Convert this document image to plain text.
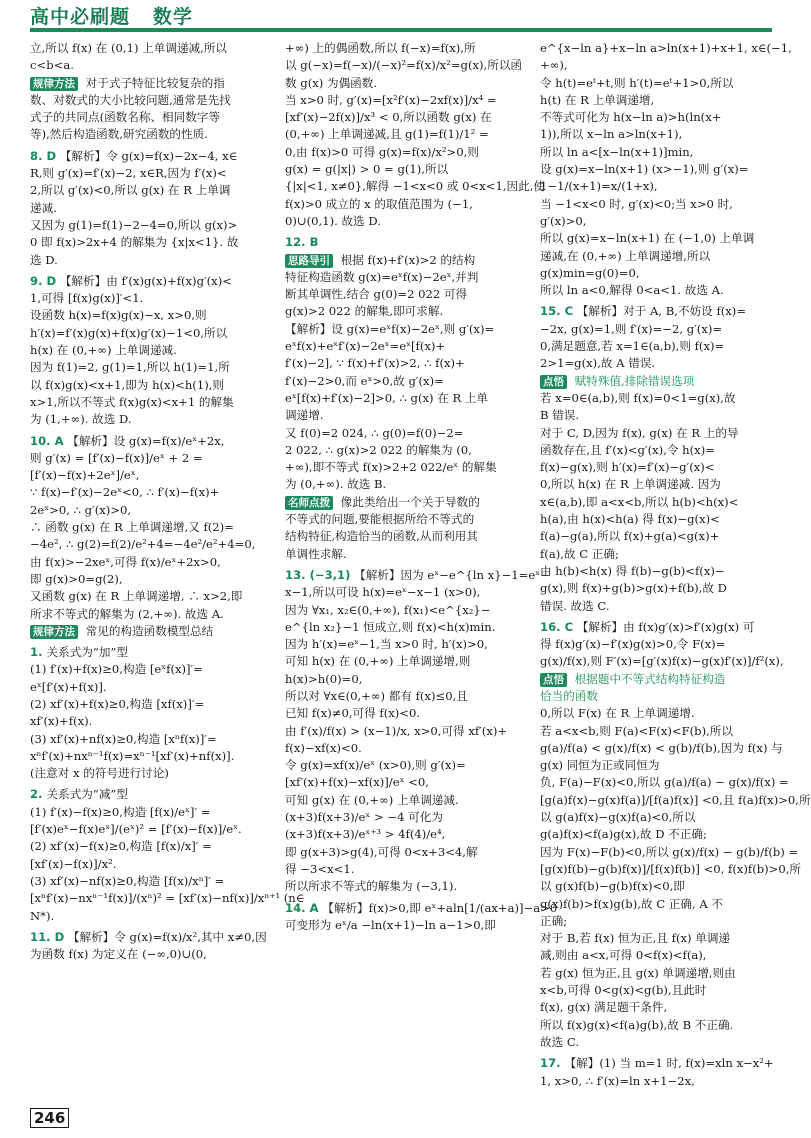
高中必刷题   数学
立,所以 f(x) 在 (0,1) 上单调递减,所以
c<b<a.
规律方法 对于式子特征比较复杂的指
数、对数式的大小比较问题,通常是先找
式子的共同点(函数名称、相同数字等
等),然后构造函数,研究函数的性质.
8. D 【解析】令 g(x)=f(x)−2x−4, x∈
R,则 g′(x)=f′(x)−2, x∈R,因为 f′(x)<
2,所以 g′(x)<0,所以 g(x) 在 R 上单调
递减.
又因为 g(1)=f(1)−2−4=0,所以 g(x)>
0 即 f(x)>2x+4 的解集为 {x|x<1}. 故
选 D.
9. D 【解析】由 f′(x)g(x)+f(x)g′(x)<
1,可得 [f(x)g(x)]′<1.
设函数 h(x)=f(x)g(x)−x, x>0,则
h′(x)=f′(x)g(x)+f(x)g′(x)−1<0,所以
h(x) 在 (0,+∞) 上单调递减.
因为 f(1)=2, g(1)=1,所以 h(1)=1,所
以 f(x)g(x)<x+1,即为 h(x)<h(1),则
x>1,所以不等式 f(x)g(x)<x+1 的解集
为 (1,+∞). 故选 D.
10. A 【解析】设 g(x)=f(x)/eˣ+2x,
则 g′(x) = [f′(x)−f(x)]/eˣ + 2 =
[f′(x)−f(x)+2eˣ]/eˣ,
∵ f(x)−f′(x)−2eˣ<0, ∴ f′(x)−f(x)+
2eˣ>0, ∴ g′(x)>0,
∴ 函数 g(x) 在 R 上单调递增,又 f(2)=
−4e², ∴ g(2)=f(2)/e²+4=−4e²/e²+4=0,
由 f(x)>−2xeˣ,可得 f(x)/eˣ+2x>0,
即 g(x)>0=g(2),
又函数 g(x) 在 R 上单调递增, ∴ x>2,即
所求不等式的解集为 (2,+∞). 故选 A.
规律方法 常见的构造函数模型总结
1. 关系式为“加”型
(1) f′(x)+f(x)≥0,构造 [eˣf(x)]′=
eˣ[f′(x)+f(x)].
(2) xf′(x)+f(x)≥0,构造 [xf(x)]′=
xf′(x)+f(x).
(3) xf′(x)+nf(x)≥0,构造 [xⁿf(x)]′=
xⁿf′(x)+nxⁿ⁻¹f(x)=xⁿ⁻¹[xf′(x)+nf(x)].
(注意对 x 的符号进行讨论)
2. 关系式为“减”型
(1) f′(x)−f(x)≥0,构造 [f(x)/eˣ]′ =
[f′(x)eˣ−f(x)eˣ]/(eˣ)² = [f′(x)−f(x)]/eˣ.
(2) xf′(x)−f(x)≥0,构造 [f(x)/x]′ =
[xf′(x)−f(x)]/x².
(3) xf′(x)−nf(x)≥0,构造 [f(x)/xⁿ]′ =
[xⁿf′(x)−nxⁿ⁻¹f(x)]/(xⁿ)² = [xf′(x)−nf(x)]/xⁿ⁺¹ (n∈
N*).
11. D 【解析】令 g(x)=f(x)/x²,其中 x≠0,因
为函数 f(x) 为定义在 (−∞,0)∪(0,
+∞) 上的偶函数,所以 f(−x)=f(x),所
以 g(−x)=f(−x)/(−x)²=f(x)/x²=g(x),所以函
数 g(x) 为偶函数.
当 x>0 时, g′(x)=[x²f′(x)−2xf(x)]/x⁴ =
[xf′(x)−2f(x)]/x³ < 0,所以函数 g(x) 在
(0,+∞) 上单调递减,且 g(1)=f(1)/1² =
0,由 f(x)>0 可得 g(x)=f(x)/x²>0,则
g(x) = g(|x|) > 0 = g(1),所以
{|x|<1, x≠0},解得 −1<x<0 或 0<x<1,因此,使
f(x)>0 成立的 x 的取值范围为 (−1,
0)∪(0,1). 故选 D.
12. B
思路导引 根据 f(x)+f′(x)>2 的结构
特征构造函数 g(x)=eˣf(x)−2eˣ,并判
断其单调性,结合 g(0)=2 022 可得
g(x)>2 022 的解集,即可求解.
【解析】设 g(x)=eˣf(x)−2eˣ,则 g′(x)=
eˣf(x)+eˣf′(x)−2eˣ=eˣ[f(x)+
f′(x)−2], ∵ f(x)+f′(x)>2, ∴ f(x)+
f′(x)−2>0,而 eˣ>0,故 g′(x)=
eˣ[f(x)+f′(x)−2]>0, ∴ g(x) 在 R 上单
调递增.
又 f(0)=2 024, ∴ g(0)=f(0)−2=
2 022, ∴ g(x)>2 022 的解集为 (0,
+∞),即不等式 f(x)>2+2 022/eˣ 的解集
为 (0,+∞). 故选 B.
名师点拨 像此类给出一个关于导数的
不等式的问题,要能根据所给不等式的
结构特征,构造恰当的函数,从而利用其
单调性求解.
13. (−3,1) 【解析】因为 eˣ−e^{ln x}−1=eˣ−
x−1,所以可设 h(x)=eˣ−x−1 (x>0),
因为 ∀x₁, x₂∈(0,+∞), f(x₁)<e^{x₂}−
e^{ln x₂}−1 恒成立,则 f(x)<h(x)min.
因为 h′(x)=eˣ−1,当 x>0 时, h′(x)>0,
可知 h(x) 在 (0,+∞) 上单调递增,则
h(x)>h(0)=0,
所以对 ∀x∈(0,+∞) 都有 f(x)≤0,且
已知 f(x)≠0,可得 f(x)<0.
由 f′(x)/f(x) > (x−1)/x, x>0,可得 xf′(x)+
f(x)−xf(x)<0.
令 g(x)=xf(x)/eˣ (x>0),则 g′(x)=
[xf′(x)+f(x)−xf(x)]/eˣ <0,
可知 g(x) 在 (0,+∞) 上单调递减.
(x+3)f(x+3)/eˣ > −4 可化为
(x+3)f(x+3)/eˣ⁺³ > 4f(4)/e⁴,
即 g(x+3)>g(4),可得 0<x+3<4,解
得 −3<x<1.
所以所求不等式的解集为 (−3,1).
14. A 【解析】f(x)>0,即 eˣ+aln[1/(ax+a)]−a>0
可变形为 eˣ/a −ln(x+1)−ln a−1>0,即
e^{x−ln a}+x−ln a>ln(x+1)+x+1, x∈(−1,
+∞),
令 h(t)=eᵗ+t,则 h′(t)=eᵗ+1>0,所以
h(t) 在 R 上单调递增,
不等式可化为 h(x−ln a)>h(ln(x+
1)),所以 x−ln a>ln(x+1),
所以 ln a<[x−ln(x+1)]min,
设 g(x)=x−ln(x+1) (x>−1),则 g′(x)=
1−1/(x+1)=x/(1+x),
当 −1<x<0 时, g′(x)<0;当 x>0 时,
g′(x)>0,
所以 g(x)=x−ln(x+1) 在 (−1,0) 上单调
递减,在 (0,+∞) 上单调递增,所以
g(x)min=g(0)=0,
所以 ln a<0,解得 0<a<1. 故选 A.
15. C 【解析】对于 A, B,不妨设 f(x)=
−2x, g(x)=1,则 f′(x)=−2, g′(x)=
0,满足题意,若 x=1∈(a,b),则 f(x)=
2>1=g(x),故 A 错误.
点悟 赋特殊值,排除错误选项
若 x=0∈(a,b),则 f(x)=0<1=g(x),故
B 错误.
对于 C, D,因为 f(x), g(x) 在 R 上的导
函数存在,且 f′(x)<g′(x),令 h(x)=
f(x)−g(x),则 h′(x)=f′(x)−g′(x)<
0,所以 h(x) 在 R 上单调递减. 因为
x∈(a,b),即 a<x<b,所以 h(b)<h(x)<
h(a),由 h(x)<h(a) 得 f(x)−g(x)<
f(a)−g(a),所以 f(x)+g(a)<g(x)+
f(a),故 C 正确;
由 h(b)<h(x) 得 f(b)−g(b)<f(x)−
g(x),则 f(x)+g(b)>g(x)+f(b),故 D
错误. 故选 C.
16. C 【解析】由 f(x)g′(x)>f′(x)g(x) 可
得 f(x)g′(x)−f′(x)g(x)>0,令 F(x)=
g(x)/f(x),则 F′(x)=[g′(x)f(x)−g(x)f′(x)]/f²(x),
点悟 根据题中不等式结构特征构造
恰当的函数
0,所以 F(x) 在 R 上单调递增.
若 a<x<b,则 F(a)<F(x)<F(b),所以
g(a)/f(a) < g(x)/f(x) < g(b)/f(b),因为 f(x) 与
g(x) 同恒为正或同恒为
负, F(a)−F(x)<0,所以 g(a)/f(a) − g(x)/f(x) =
[g(a)f(x)−g(x)f(a)]/[f(a)f(x)] <0,且 f(a)f(x)>0,所
以 g(a)f(x)−g(x)f(a)<0,所以
g(a)f(x)<f(a)g(x),故 D 不正确;
因为 F(x)−F(b)<0,所以 g(x)/f(x) − g(b)/f(b) =
[g(x)f(b)−g(b)f(x)]/[f(x)f(b)] <0, f(x)f(b)>0,所
以 g(x)f(b)−g(b)f(x)<0,即
g(x)f(b)>f(x)g(b),故 C 正确, A 不
正确;
对于 B,若 f(x) 恒为正,且 f(x) 单调递
减,则由 a<x,可得 0<f(x)<f(a),
若 g(x) 恒为正,且 g(x) 单调递增,则由
x<b,可得 0<g(x)<g(b),且此时
f(x), g(x) 满足题干条件,
所以 f(x)g(x)<f(a)g(b),故 B 不正确.
故选 C.
17. 【解】(1) 当 m=1 时, f(x)=xln x−x²+
1, x>0, ∴ f′(x)=ln x+1−2x,
246
